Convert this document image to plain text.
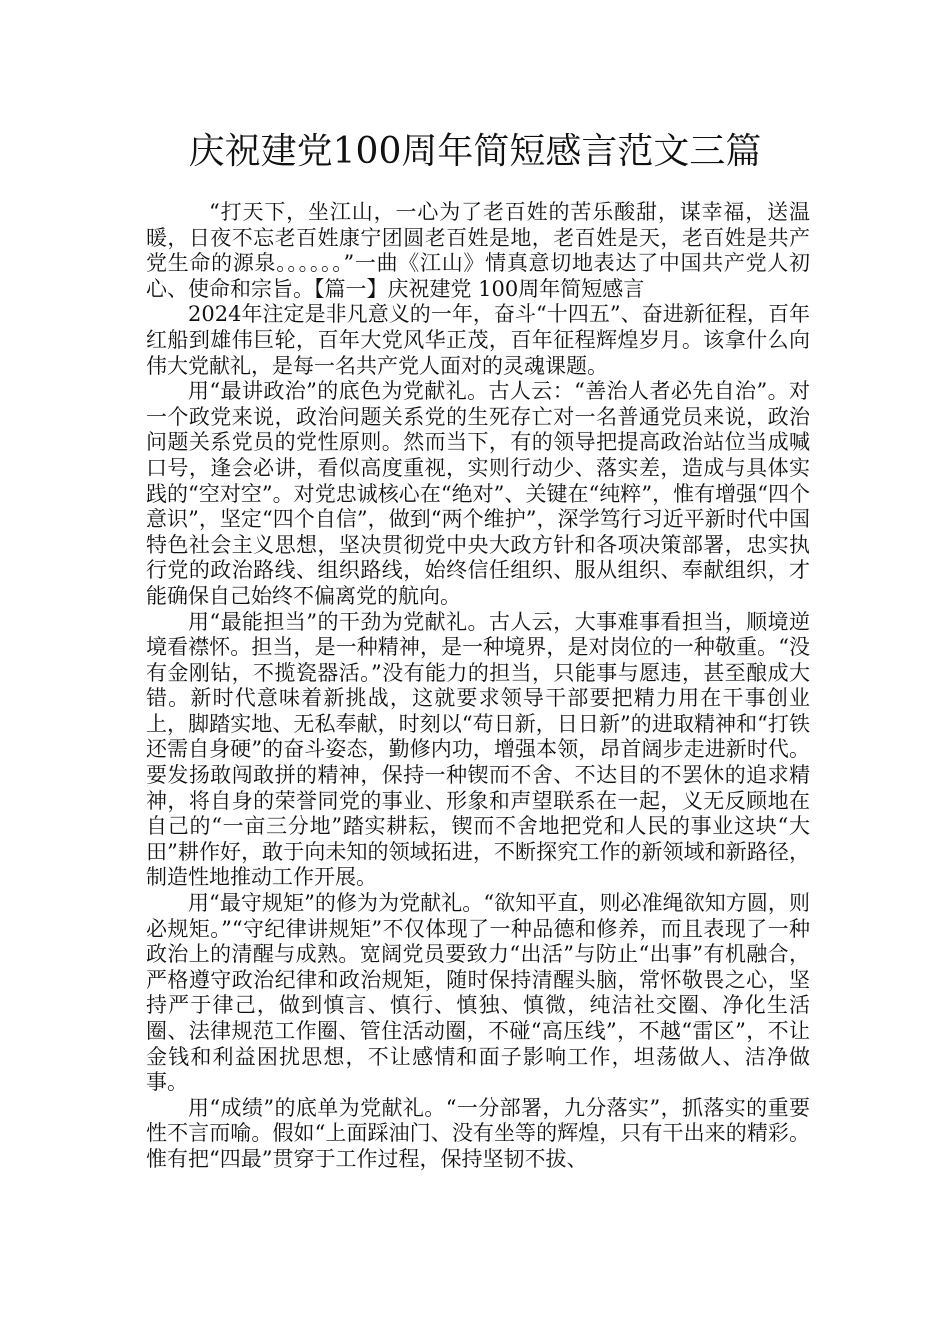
庆祝建党100周年简短感言范文三篇

“打天下，坐江山，一心为了老百姓的苦乐酸甜，谋幸福，送温暖，日夜不忘老百姓康宁团圆老百姓是地，老百姓是天，老百姓是共产党生命的源泉。。。。。。”一曲《江山》情真意切地表达了中国共产党人初心、使命和宗旨。【篇一】庆祝建党 100周年简短感言

2024年注定是非凡意义的一年，奋斗“十四五”、奋进新征程，百年红船到雄伟巨轮，百年大党风华正茂，百年征程辉煌岁月。该拿什么向伟大党献礼，是每一名共产党人面对的灵魂课题。

用“最讲政治”的底色为党献礼。古人云：“善治人者必先自治”。对一个政党来说，政治问题关系党的生死存亡对一名普通党员来说，政治问题关系党员的党性原则。然而当下，有的领导把提高政治站位当成喊口号，逢会必讲，看似高度重视，实则行动少、落实差，造成与具体实践的“空对空”。对党忠诚核心在“绝对”、关键在“纯粹”，惟有增强“四个意识”，坚定“四个自信”，做到“两个维护”，深学笃行习近平新时代中国特色社会主义思想，坚决贯彻党中央大政方针和各项决策部署，忠实执行党的政治路线、组织路线，始终信任组织、服从组织、奉献组织，才能确保自己始终不偏离党的航向。

用“最能担当”的干劲为党献礼。古人云，大事难事看担当，顺境逆境看襟怀。担当，是一种精神，是一种境界，是对岗位的一种敬重。“没有金刚钻，不揽瓷器活。”没有能力的担当，只能事与愿违，甚至酿成大错。新时代意味着新挑战，这就要求领导干部要把精力用在干事创业上，脚踏实地、无私奉献，时刻以“苟日新，日日新”的进取精神和“打铁还需自身硬”的奋斗姿态，勤修内功，增强本领，昂首阔步走进新时代。要发扬敢闯敢拼的精神，保持一种锲而不舍、不达目的不罢休的追求精神，将自身的荣誉同党的事业、形象和声望联系在一起，义无反顾地在自己的“一亩三分地”踏实耕耘，锲而不舍地把党和人民的事业这块“大田”耕作好，敢于向未知的领域拓进，不断探究工作的新领域和新路径，制造性地推动工作开展。

用“最守规矩”的修为为党献礼。“欲知平直，则必准绳欲知方圆，则必规矩。”“守纪律讲规矩”不仅体现了一种品德和修养，而且表现了一种政治上的清醒与成熟。宽阔党员要致力“出活”与防止“出事”有机融合，严格遵守政治纪律和政治规矩，随时保持清醒头脑，常怀敬畏之心，坚持严于律己，做到慎言、慎行、慎独、慎微，纯洁社交圈、净化生活圈、法律规范工作圈、管住活动圈，不碰“高压线”，不越“雷区”，不让金钱和利益困扰思想，不让感情和面子影响工作，坦荡做人、洁净做事。

用“成绩”的底单为党献礼。“一分部署，九分落实”，抓落实的重要性不言而喻。假如“上面踩油门、没有坐等的辉煌，只有干出来的精彩。惟有把“四最”贯穿于工作过程，保持坚韧不拔、
